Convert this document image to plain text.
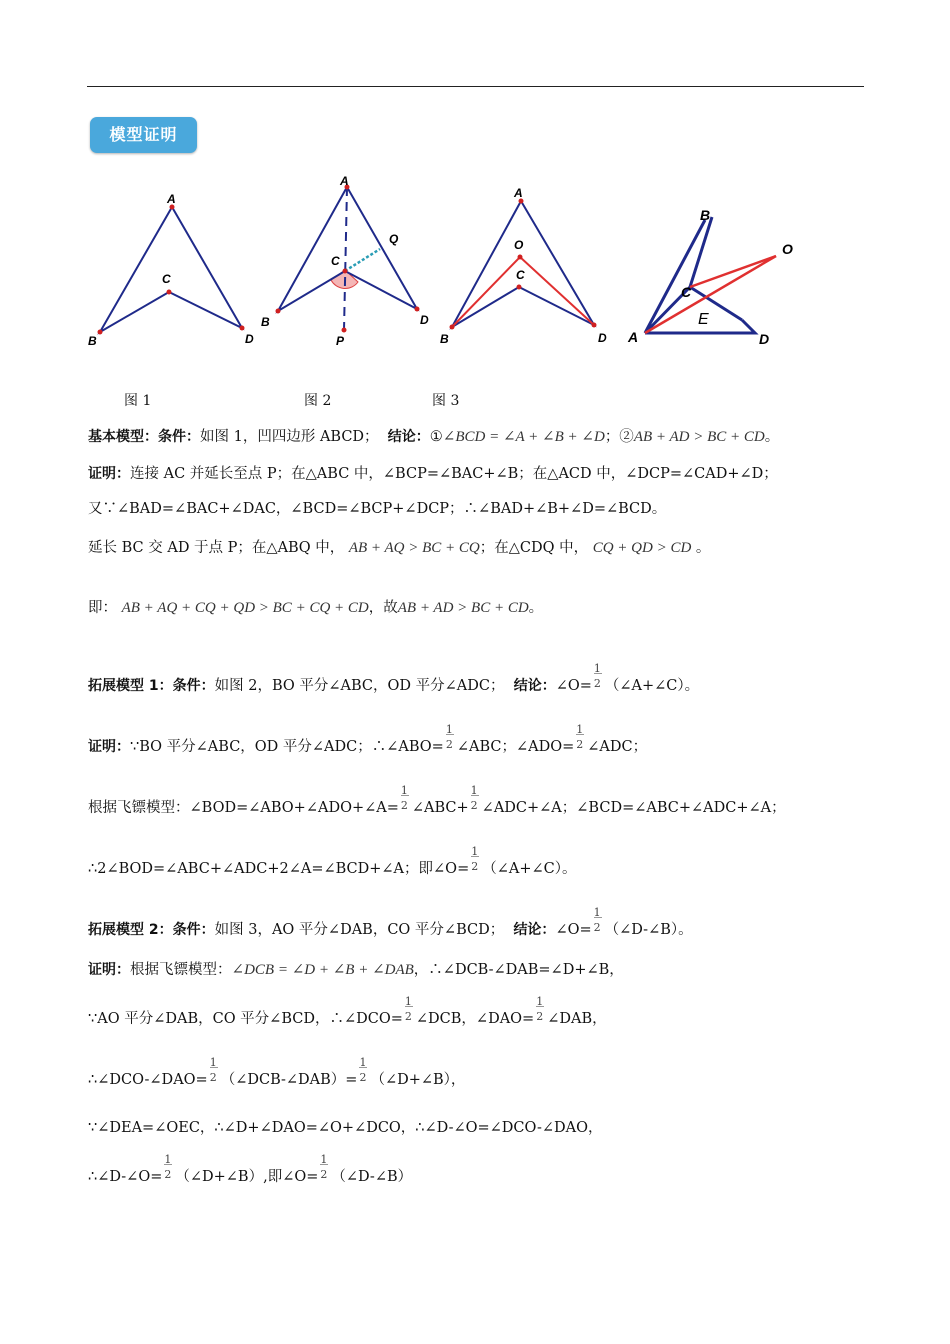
模型证明
A
C
B	D
A
Q
C
B	D
P
A
O
C
B	D
B
O
C
E
A	D
图 1	图 2	图 3
基本模型：条件：如图 1，凹四边形 ABCD； 结论：①∠BCD = ∠A + ∠B + ∠D；②AB + AD > BC + CD。
证明：连接 AC 并延长至点 P；在△ABC 中，∠BCP=∠BAC+∠B；在△ACD 中，∠DCP=∠CAD+∠D；
又∵∠BAD=∠BAC+∠DAC，∠BCD=∠BCP+∠DCP；∴∠BAD+∠B+∠D=∠BCD。
延长 BC 交 AD 于点 P；在△ABQ 中， AB + AQ > BC + CQ；在△CDQ 中， CQ + QD > CD 。
即： AB + AQ + CQ + QD > BC + CQ + CD，故AB + AD > BC + CD。
拓展模型 1：条件：如图 2，BO 平分∠ABC，OD 平分∠ADC； 结论：∠O= $\frac{1}{2}$ （∠A+∠C）。
证明：∵BO 平分∠ABC，OD 平分∠ADC；∴∠ABO= $\frac{1}{2}$ ∠ABC；∠ADO= $\frac{1}{2}$ ∠ADC；
根据飞镖模型：∠BOD=∠ABO+∠ADO+∠A= $\frac{1}{2}$ ∠ABC+ $\frac{1}{2}$ ∠ADC+∠A；∠BCD=∠ABC+∠ADC+∠A；
∴2∠BOD=∠ABC+∠ADC+2∠A=∠BCD+∠A；即∠O= $\frac{1}{2}$ （∠A+∠C）。
拓展模型 2：条件：如图 3，AO 平分∠DAB，CO 平分∠BCD； 结论：∠O= $\frac{1}{2}$ （∠D-∠B）。
证明：根据飞镖模型：∠DCB = ∠D + ∠B + ∠DAB，∴∠DCB-∠DAB=∠D+∠B，
∵AO 平分∠DAB，CO 平分∠BCD，∴∠DCO= $\frac{1}{2}$ ∠DCB，∠DAO= $\frac{1}{2}$ ∠DAB，
∴∠DCO-∠DAO= $\frac{1}{2}$ （∠DCB-∠DAB）= $\frac{1}{2}$ （∠D+∠B），
∵∠DEA=∠OEC，∴∠D+∠DAO=∠O+∠DCO，∴∠D-∠O=∠DCO-∠DAO，
∴∠D-∠O= $\frac{1}{2}$ （∠D+∠B）,即∠O= $\frac{1}{2}$ （∠D-∠B）
